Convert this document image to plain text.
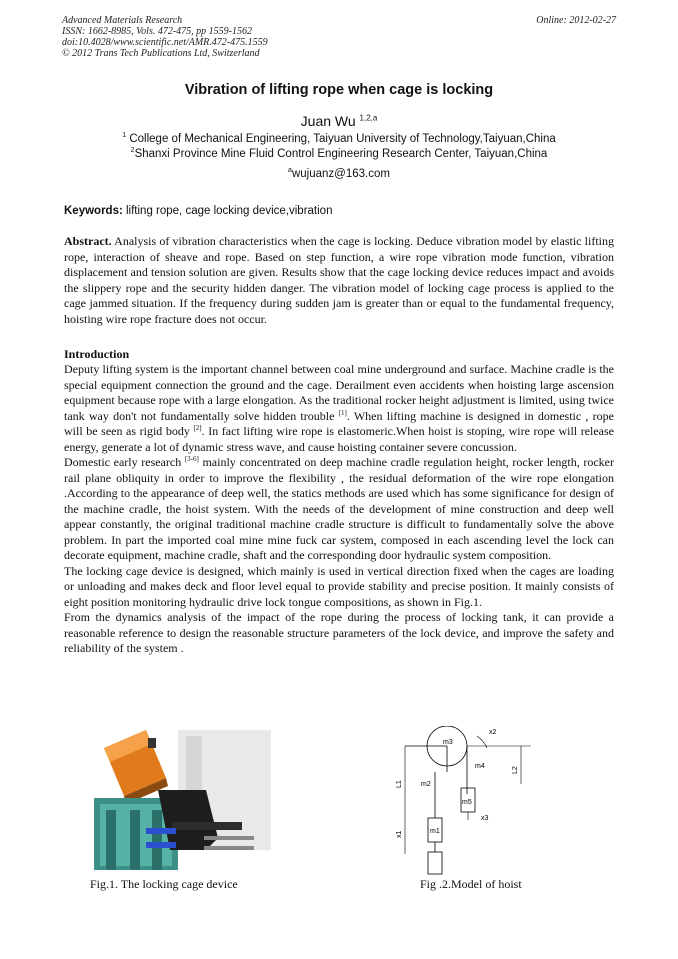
Advanced Materials Research
ISSN: 1662-8985, Vols. 472-475, pp 1559-1562
doi:10.4028/www.scientific.net/AMR.472-475.1559
© 2012 Trans Tech Publications Ltd, Switzerland
Online: 2012-02-27
Vibration of lifting rope when cage is locking
Juan Wu $^{1,2,a}$
$^1$ College of Mechanical Engineering, Taiyuan University of Technology,Taiyuan,China
$^2$Shanxi Province Mine Fluid Control Engineering Research Center, Taiyuan,China
$^a$wujuanz@163.com
Keywords: lifting rope, cage locking device,vibration
Abstract. Analysis of vibration characteristics when the cage is locking. Deduce vibration model by elastic lifting rope, interaction of sheave and rope. Based on step function, a wire rope vibration mode function, vibration displacement and tension solution are given. Results show that the cage locking device reduces impact and avoids the slippery rope and the security hidden danger. The vibration model of locking cage process is applied to the cage jammed situation. If the frequency during sudden jam is greater than or equal to the fundamental frequency, hoisting wire rope fracture does not occur.
Introduction

Deputy lifting system is the important channel between coal mine underground and surface. Machine cradle is the special equipment connection the ground and the cage. Derailment even accidents when hoisting large ascension equipment because rope with a large elongation. As the traditional rocker height adjustment is limited, using twice tank way don't not fundamentally solve hidden trouble [1]. When lifting machine is designed in domestic , rope will be seen as rigid body [2]. In fact lifting wire rope is elastomeric.When hoist is stoping, wire rope will release energy, generate a lot of dynamic stress wave, and cause hoisting container severe concussion.

Domestic early research [3-6] mainly concentrated on deep machine cradle regulation height, rocker length, rocker rail plane obliquity in order to improve the flexibility , the residual deformation of the wire rope elongation .According to the appearance of deep well, the statics methods are used which has some significance for design of the machine cradle, the hoist system. With the needs of the development of mine construction and deep well appear constantly, the original traditional machine cradle structure is difficult to fundamentally solve the above problem. In part the imported coal mine mine fuck car system, composed in each ascending level the lock can decorate equipment, machine cradle, shaft and the corresponding door hydraulic system composition.

The locking cage device is designed, which mainly is used in vertical direction fixed when the cages are loading or unloading and makes deck and floor level equal to provide stability and precise position. It mainly consists of eight position monitoring hydraulic drive lock tongue compositions, as shown in Fig.1.

From the dynamics analysis of the impact of the rope during the process of locking tank, it can provide a reasonable reference to design the reasonable structure parameters of the lock device, and improve the safety and reliability of the system .

Fig.1. The locking cage device
m3
x2
L2
m4
m5
x3
L1	m2
m1
x1
Fig .2.Model of hoist
